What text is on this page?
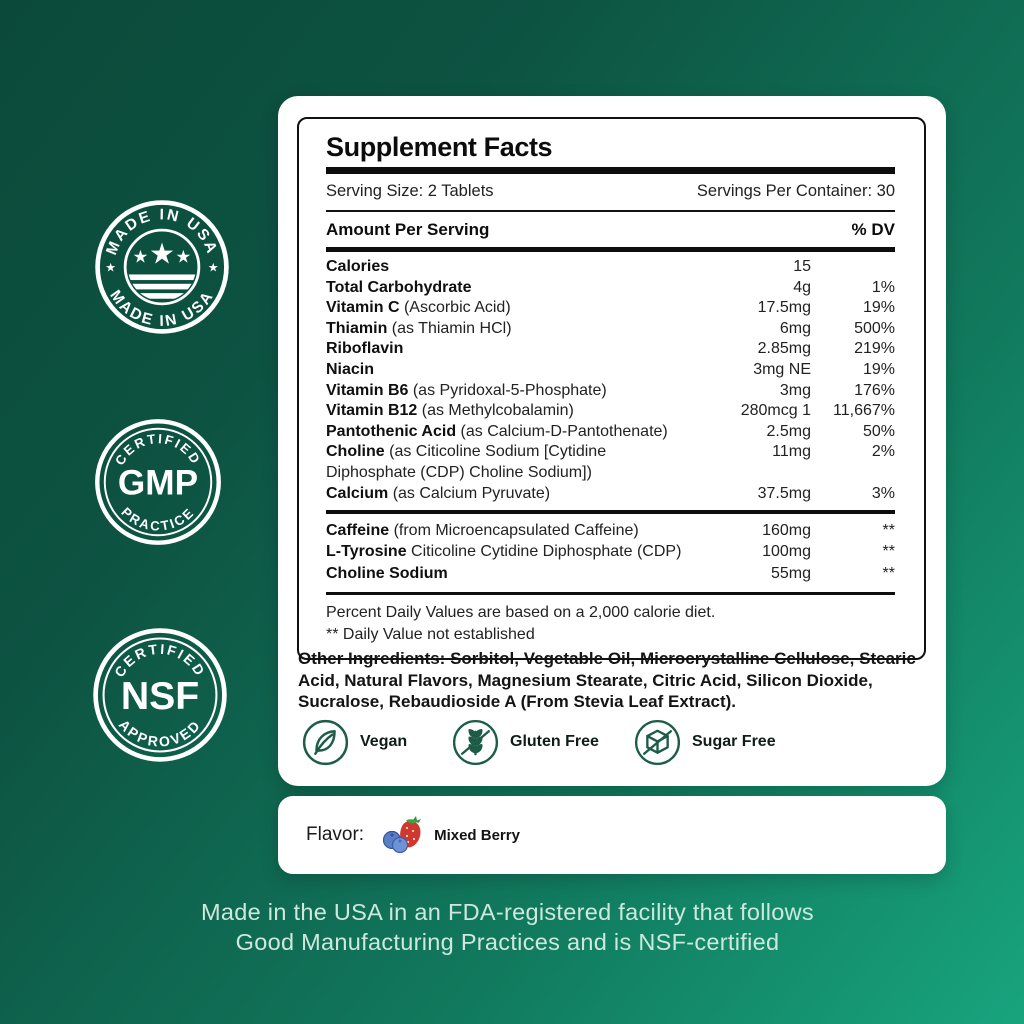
MADE IN USA
MADE IN USA
★	★
★
★ ★
CERTIFIED
PRACTICE
GMP
CERTIFIED
APPROVED
NSF
Supplement Facts
Serving Size: 2 Tablets	Servings Per Container: 30
Amount Per Serving	% DV
Calories	15
Total Carbohydrate	4g	1%
Vitamin C (Ascorbic Acid)	17.5mg	19%
Thiamin (as Thiamin HCl)	6mg	500%
Riboflavin	2.85mg	219%
Niacin	3mg NE	19%
Vitamin B6 (as Pyridoxal-5-Phosphate)	3mg	176%
Vitamin B12 (as Methylcobalamin)	280mcg 1	11,667%
Pantothenic Acid (as Calcium-D-Pantothenate)	2.5mg	50%
Choline (as Citicoline Sodium [Cytidine	11mg	2%
Diphosphate (CDP) Choline Sodium])
Calcium (as Calcium Pyruvate)	37.5mg	3%
Caffeine (from Microencapsulated Caffeine)	160mg	**
L-Tyrosine Citicoline Cytidine Diphosphate (CDP)	100mg	**
Choline Sodium	55mg	**
Percent Daily Values are based on a 2,000 calorie diet.
** Daily Value not established
Other Ingredients: Sorbitol, Vegetable Oil, Microcrystalline Cellulose, Stearic Acid, Natural Flavors, Magnesium Stearate, Citric Acid, Silicon Dioxide, Sucralose, Rebaudioside A (From Stevia Leaf Extract).
Vegan	Gluten Free	Sugar Free
Flavor:	Mixed Berry
Made in the USA in an FDA-registered facility that follows
Good Manufacturing Practices and is NSF-certified
